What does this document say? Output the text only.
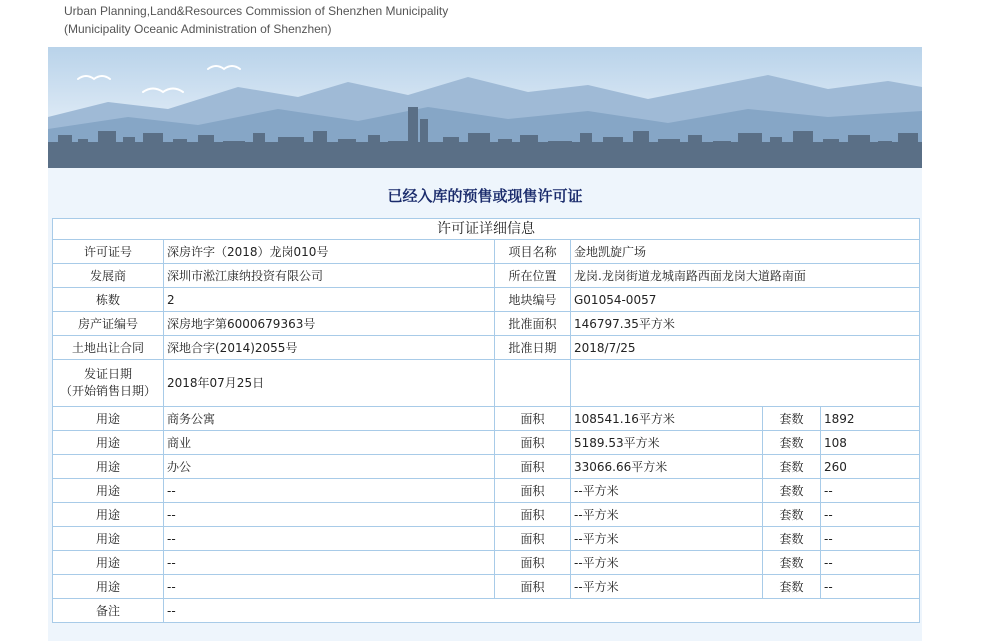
Urban Planning,Land&Resources Commission of Shenzhen Municipality
(Municipality Oceanic Administration of Shenzhen)
已经入库的预售或现售许可证
许可证详细信息					
许可证号	深房许字（2018）龙岗010号	项目名称	金地凯旋广场		
发展商	深圳市淞江康纳投资有限公司	所在位置	龙岗.龙岗街道龙城南路西面龙岗大道路南面		
栋数	2	地块编号	G01054-0057		
房产证编号	深房地字第6000679363号	批准面积	146797.35平方米		
土地出让合同	深地合字(2014)2055号	批准日期	2018/7/25		

发证日期
（开始销售日期）	2018年07月25日				
用途	商务公寓	面积	108541.16平方米	套数	1892
用途	商业	面积	5189.53平方米	套数	108
用途	办公	面积	33066.66平方米	套数	260
用途	--	面积	--平方米	套数	--
用途	--	面积	--平方米	套数	--
用途	--	面积	--平方米	套数	--
用途	--	面积	--平方米	套数	--
用途	--	面积	--平方米	套数	--
备注	--				
